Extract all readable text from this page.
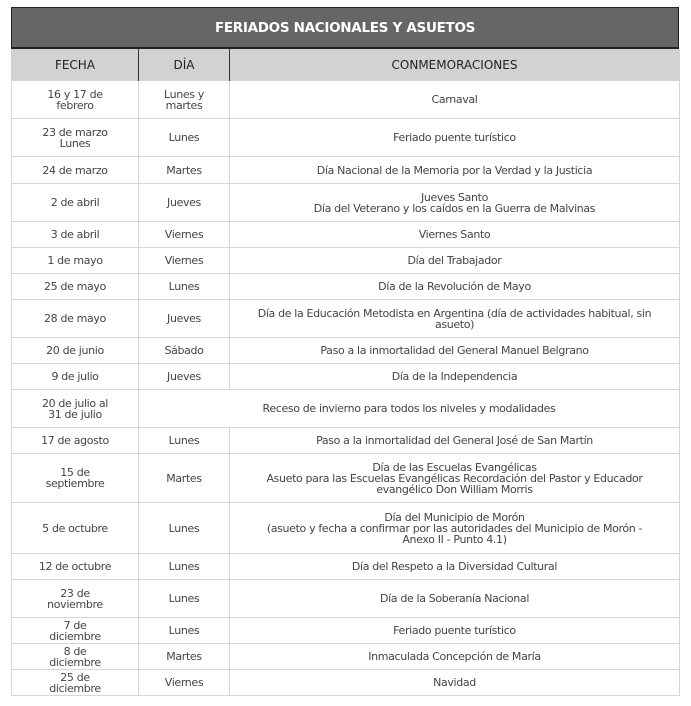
FERIADOS NACIONALES Y ASUETOS
FECHA	DÍA	CONMEMORACIONES
16 y 17 de febrero	Lunes y martes	Carnaval

23 de marzo Lunes	Lunes	Feriado puente turístico

24 de marzo	Martes	Día Nacional de la Memoria por la Verdad y la Justicia

2 de abril	Jueves	Jueves Santo
Día del Veterano y los caídos en la Guerra de Malvinas

3 de abril	Viernes	Viernes Santo

1 de mayo	Viernes	Día del Trabajador

25 de mayo	Lunes	Día de la Revolución de Mayo

28 de mayo	Jueves	Día de la Educación Metodista en Argentina (día de actividades habitual, sin asueto)

20 de junio	Sábado	Paso a la inmortalidad del General Manuel Belgrano

9 de julio	Jueves	Día de la Independencia

20 de julio al 31 de julio	Receso de invierno para todos los niveles y modalidades	

17 de agosto	Lunes	Paso a la inmortalidad del General José de San Martín

15 de septiembre	Martes	Día de las Escuelas Evangélicas
Asueto para las Escuelas Evangélicas Recordación del Pastor y Educador evangélico Don William Morris

5 de octubre	Lunes	Día del Municipio de Morón
(asueto y fecha a confirmar por las autoridades del Municipio de Morón - Anexo II - Punto 4.1)

12 de octubre	Lunes	Día del Respeto a la Diversidad Cultural

23 de noviembre	Lunes	Día de la Soberanía Nacional

7 de diciembre	Lunes	Feriado puente turístico

8 de diciembre	Martes	Inmaculada Concepción de María

25 de diciembre	Viernes	Navidad
